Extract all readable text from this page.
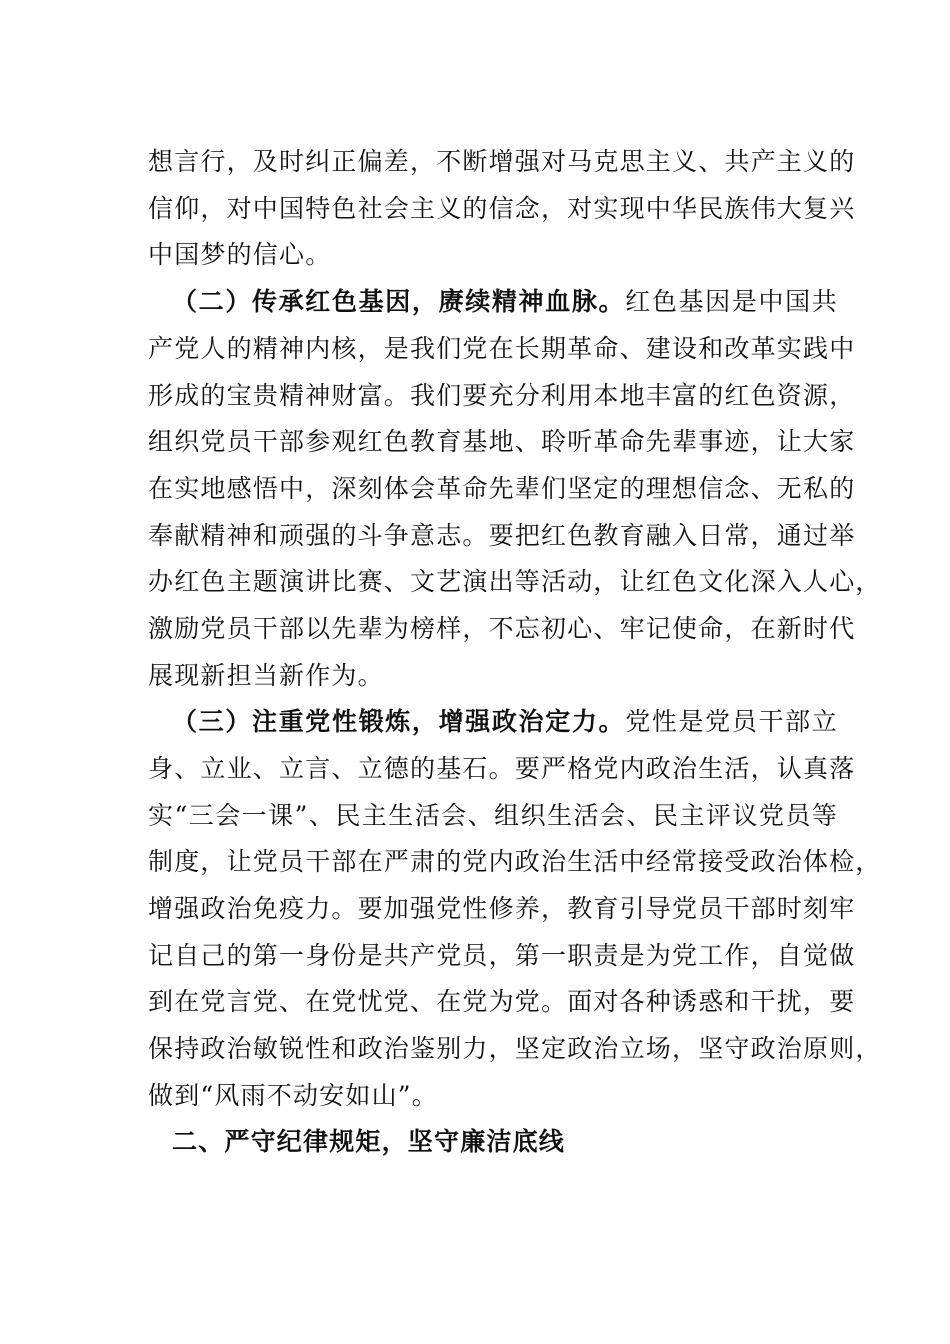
想言行，及时纠正偏差，不断增强对马克思主义、共产主义的
信仰，对中国特色社会主义的信念，对实现中华民族伟大复兴
中国梦的信心。
（二）传承红色基因，赓续精神血脉。红色基因是中国共
产党人的精神内核，是我们党在长期革命、建设和改革实践中
形成的宝贵精神财富。我们要充分利用本地丰富的红色资源，
组织党员干部参观红色教育基地、聆听革命先辈事迹，让大家
在实地感悟中，深刻体会革命先辈们坚定的理想信念、无私的
奉献精神和顽强的斗争意志。要把红色教育融入日常，通过举
办红色主题演讲比赛、文艺演出等活动，让红色文化深入人心，
激励党员干部以先辈为榜样，不忘初心、牢记使命，在新时代
展现新担当新作为。
（三）注重党性锻炼，增强政治定力。党性是党员干部立
身、立业、立言、立德的基石。要严格党内政治生活，认真落
实“三会一课”、民主生活会、组织生活会、民主评议党员等
制度，让党员干部在严肃的党内政治生活中经常接受政治体检，
增强政治免疫力。要加强党性修养，教育引导党员干部时刻牢
记自己的第一身份是共产党员，第一职责是为党工作，自觉做
到在党言党、在党忧党、在党为党。面对各种诱惑和干扰，要
保持政治敏锐性和政治鉴别力，坚定政治立场，坚守政治原则，
做到“风雨不动安如山”。
二、严守纪律规矩，坚守廉洁底线
